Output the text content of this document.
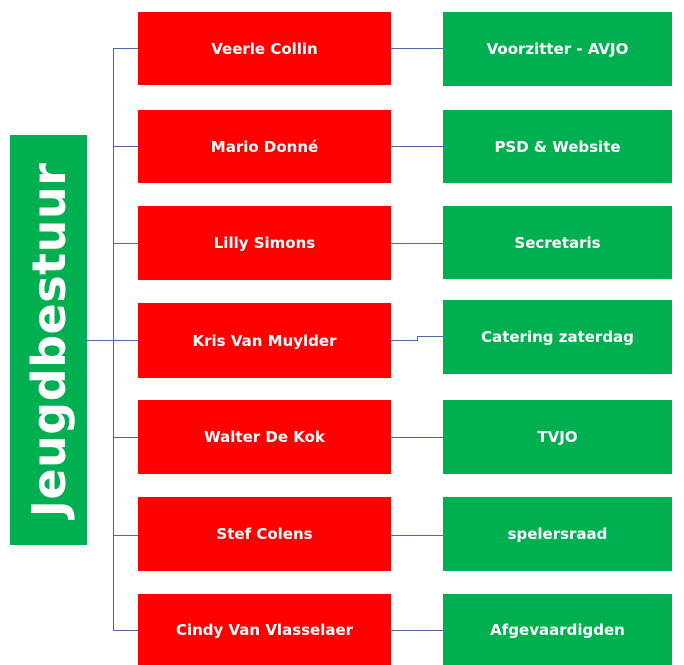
Jeugdbestuur
Veerle Collin	Voorzitter - AVJO
Mario Donné	PSD & Website
Lilly Simons	Secretaris
Kris Van Muylder	Catering zaterdag
Walter De Kok	TVJO
Stef Colens	spelersraad
Cindy Van Vlasselaer	Afgevaardigden
